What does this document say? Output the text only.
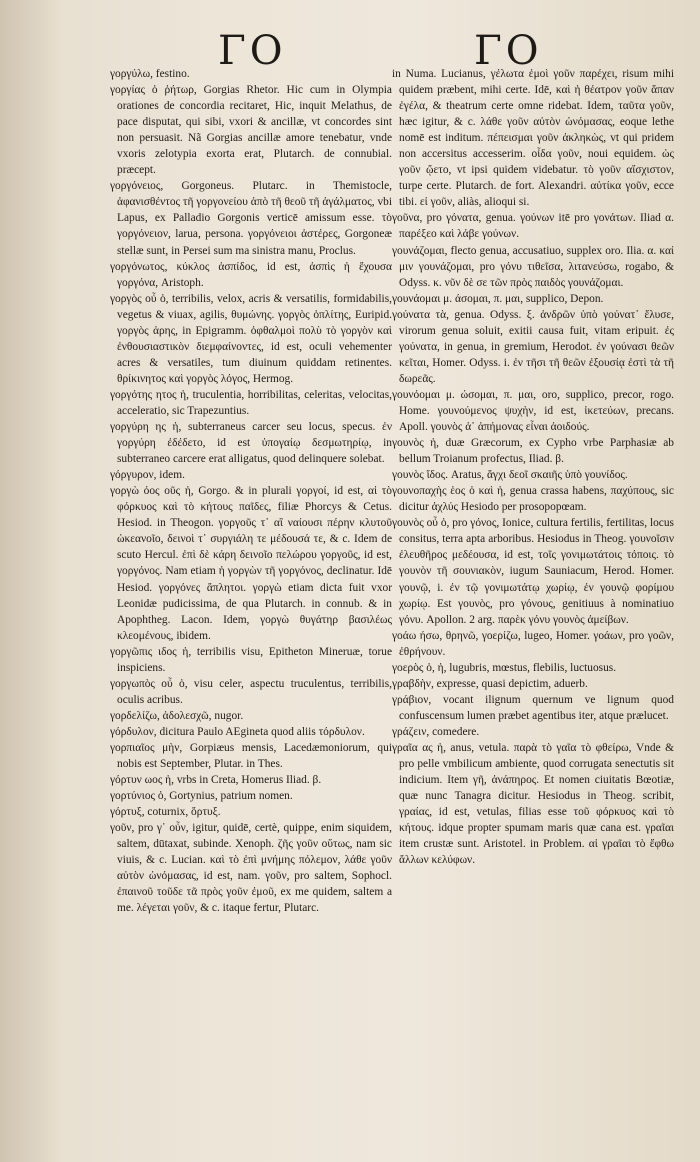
ΓΟ	ΓΟ

γοργύλω, festino.

γοργίας ὁ ῥήτωρ, Gorgias Rhetor. Hic cum in Olympia orationes de concordia recitaret, Hic, inquit Melathus, de pace disputat, qui sibi, vxori & ancillæ, vt concordes sint non persuasit. Nã Gorgias ancillæ amore tenebatur, vnde vxoris zelotypia exorta erat, Plutarch. de connubial. præcept.

γοργόνειος, Gorgoneus. Plutarc. in Themistocle, ἀφανισθέντος τῆ γοργονείου ἀπὸ τῆ θεοῦ τῆ ἀγάλματος, vbi Lapus, ex Palladio Gorgonis verticē amissum esse. τὸ γοργόνειον, larua, persona. γοργόνειοι ἀστέρες, Gorgoneæ stellæ sunt, in Persei sum ma sinistra manu, Proclus.

γοργόνωτος, κύκλος ἀσπίδος, id est, ἀσπὶς ἡ ἔχουσα γοργόνα, Aristoph.

γοργὸς οὖ ὁ, terribilis, velox, acris & versatilis, formidabilis, vegetus & viuax, agilis, θυμώνης. γοργὸς ὁπλίτης, Euripid. γοργὸς ἀρης, in Epigramm. ὀφθαλμοὶ πολὺ τὸ γοργὸν καὶ ἐνθουσιαστικὸν διεμφαίνοντες, id est, oculi vehementer acres & versatiles, tum diuinum quiddam retinentes. θρίκινητος καὶ γοργὸς λόγος, Hermog.

γοργότης ητος ἡ, truculentia, horribilitas, celeritas, velocitas, acceleratio, sic Trapezuntius.

γοργύρη ης ἡ, subterraneus carcer seu locus, specus. ἐν γοργύρη ἐδέδετο, id est ὑπογαίῳ δεσμωτηρίῳ, in subterraneo carcere erat alligatus, quod delinquere solebat.

γόργυρον, idem.

γοργὼ όος οῦς ἡ, Gorgo. & in plurali γοργοί, id est, αἱ τὸ φόρκυος καὶ τὸ κήτους παῖδες, filiæ Phorcys & Cetus. Hesiod. in Theogon. γοργοῦς τ᾽ αἳ ναίουσι πέρην κλυτοῦ ὠκεανοῖο, δεινοὶ τ᾽ συργιάλη τε μέδουσά τε, & c. Idem de scuto Hercul. ἐπὶ δὲ κάρη δεινοῖο πελώρου γοργοῦς, id est, γοργόνος. Nam etiam ἡ γοργὼν τῆ γοργόνος, declinatur. Idē Hesiod. γοργόνες ἄπλητοι. γοργὼ etiam dicta fuit vxor Leonidæ pudicissima, de qua Plutarch. in connub. & in Apophtheg. Lacon. Idem, γοργὼ θυγάτηρ βασιλέως κλεομένους, ibidem.

γοργῶπις ιδος ἡ, terribilis visu, Epitheton Mineruæ, torue inspiciens.

γοργωπὸς οὖ ὁ, visu celer, aspectu truculentus, terribilis, oculis acribus.

γορδελίζω, ἀδολεσχῶ, nugor.

γόρδυλον, dicitura Paulo AEgineta quod aliis τόρδυλον.

γορπιαῖος μὴν, Gorpiæus mensis, Lacedæmoniorum, qui nobis est September, Plutar. in Thes.

γόρτυν ωος ἡ, vrbs in Creta, Homerus Iliad. β.

γορτύνιος ὁ, Gortynius, patrium nomen.

γόρτυξ, coturnix, ὄρτυξ.

γοῦν, pro γ᾽ οὖν, igitur, quidē, certè, quippe, enim siquidem, saltem, dūtaxat, subinde. Xenoph. ζῆς γοῦν οὕτως, nam sic viuis, & c. Lucian. καὶ τὸ ἐπὶ μνήμης πόλεμον, λάθε γοῦν αὐτὸν ὠνόμασας, id est, nam. γοῦν, pro saltem, Sophocl. ἐπαινοῦ τοῦδε τᾶ πρὸς γοῦν ἐμοῦ, ex me quidem, saltem a me. λέγεται γοῦν, & c. itaque fertur, Plutarc.

in Numa. Lucianus, γέλωτα ἐμοὶ γοῦν παρέχει, risum mihi quidem præbent, mihi certe. Idē, καὶ ἡ θέατρον γοῦν ἅπαν ἐγέλα, & theatrum certe omne ridebat. Idem, ταῦτα γοῦν, hæc igitur, & c. λάθε γοῦν αὐτὸν ὠνόμασας, eoque lethe nomē est inditum. πέπεισμαι γοῦν ἀκληκὼς, vt qui pridem non accersitus accesserim. οἶδα γοῦν, noui equidem. ὡς γοῦν ᾤετο, vt ipsi quidem videbatur. τὸ γοῦν αἴσχιστον, turpe certe. Plutarch. de fort. Alexandri. αὐτίκα γοῦν, ecce tibi. εἰ γοῦν, aliàs, alioqui si.

γοῦνα, pro γόνατα, genua. γούνων itē pro γονάτων. Iliad α. παρέξεο καὶ λάβε γούνων.

γουνάζομαι, flecto genua, accusatiuo, supplex oro. Ilia. α. καί μιν γουνάζομαι, pro γόνυ τιθεῖσα, λιτανεύσω, rogabo, & Odyss. κ. νῦν δὲ σε τῶν πρὸς παιδὸς γουνάζομαι.

γουνάομαι μ. άσομαι, π. μαι, supplico, Depon.

γούνατα τὰ, genua. Odyss. ξ. ἀνδρῶν ὑπὸ γούνατ᾽ ἔλυσε, virorum genua soluit, exitii causa fuit, vitam eripuit. ἐς γούνατα, in genua, in gremium, Herodot. ἐν γούνασι θεῶν κεῖται, Homer. Odyss. i. ἐν τῆσι τῆ θεῶν ἐξουσίᾳ ἐστὶ τὰ τῆ δωρεᾶς.

γουνόομαι μ. ώσομαι, π. μαι, oro, supplico, precor, rogo. Home. γουνούμενος ψυχὴν, id est, ἱκετεύων, precans. Apoll. γουνὸς ἀ᾽ ἀπήμονας εἶναι ἀοιδούς.

γουνὸς ἡ, duæ Græcorum, ex Cypho vrbe Parphasiæ ab bellum Troianum profectus, Iliad. β.

γουνὸς ἴδος. Aratus, ἄγχι δεοῖ σκαιῆς ὑπὸ γουνίδος.

γουνοπαχὴς ἑος ὁ καὶ ἡ, genua crassa habens, παχύπους, sic dicitur ἀχλύς Hesiodo per prosopopœam.

γουνὸς οὖ ὁ, pro γόνος, Ionice, cultura fertilis, fertilitas, locus consitus, terra apta arboribus. Hesiodus in Theog. γουνοῖσιν ἐλευθῆρος μεδέουσα, id est, τοῖς γονιμωτάτοις τόποις. τὸ γουνὸν τῆ σουνιακὸν, iugum Sauniacum, Herod. Homer. γουνῷ, i. ἐν τῷ γονιμωτάτῳ χωρίῳ, ἐν γουνῷ φορίμου χωρίῳ. Est γουνὸς, pro γόνους, genitiuus à nominatiuo γόνυ. Apollon. 2 arg. παρὲκ γόνυ γουνὸς ἀμείβων.

γοάω ήσω, θρηνῶ, γοερίζω, lugeo, Homer. γοάων, pro γοῶν, ἐθρήνουν.

γοερὸς ὁ, ἡ, lugubris, mœstus, flebilis, luctuosus.

γραβδὴν, expresse, quasi depictim, aduerb.

γράβιον, vocant ilignum quernum ve lignum quod confuscensum lumen præbet agentibus iter, atque prælucet.

γράζειν, comedere.

γραῖα ας ἡ, anus, vetula. παρὰ τὸ γαῖα τὸ φθείρω, Vnde & pro pelle vmbilicum ambiente, quod corrugata senectutis sit indicium. Item γῆ, ἀνάπηρος. Et nomen ciuitatis Bœotiæ, quæ nunc Tanagra dicitur. Hesiodus in Theog. scribit, γραίας, id est, vetulas, filias esse τοῦ φόρκυος καὶ τὸ κήτους. idque propter spumam maris quæ cana est. γραῖαι item crustæ sunt. Aristotel. in Problem. αἱ γραῖαι τὸ ἔφθω ἄλλων κελύφων.
